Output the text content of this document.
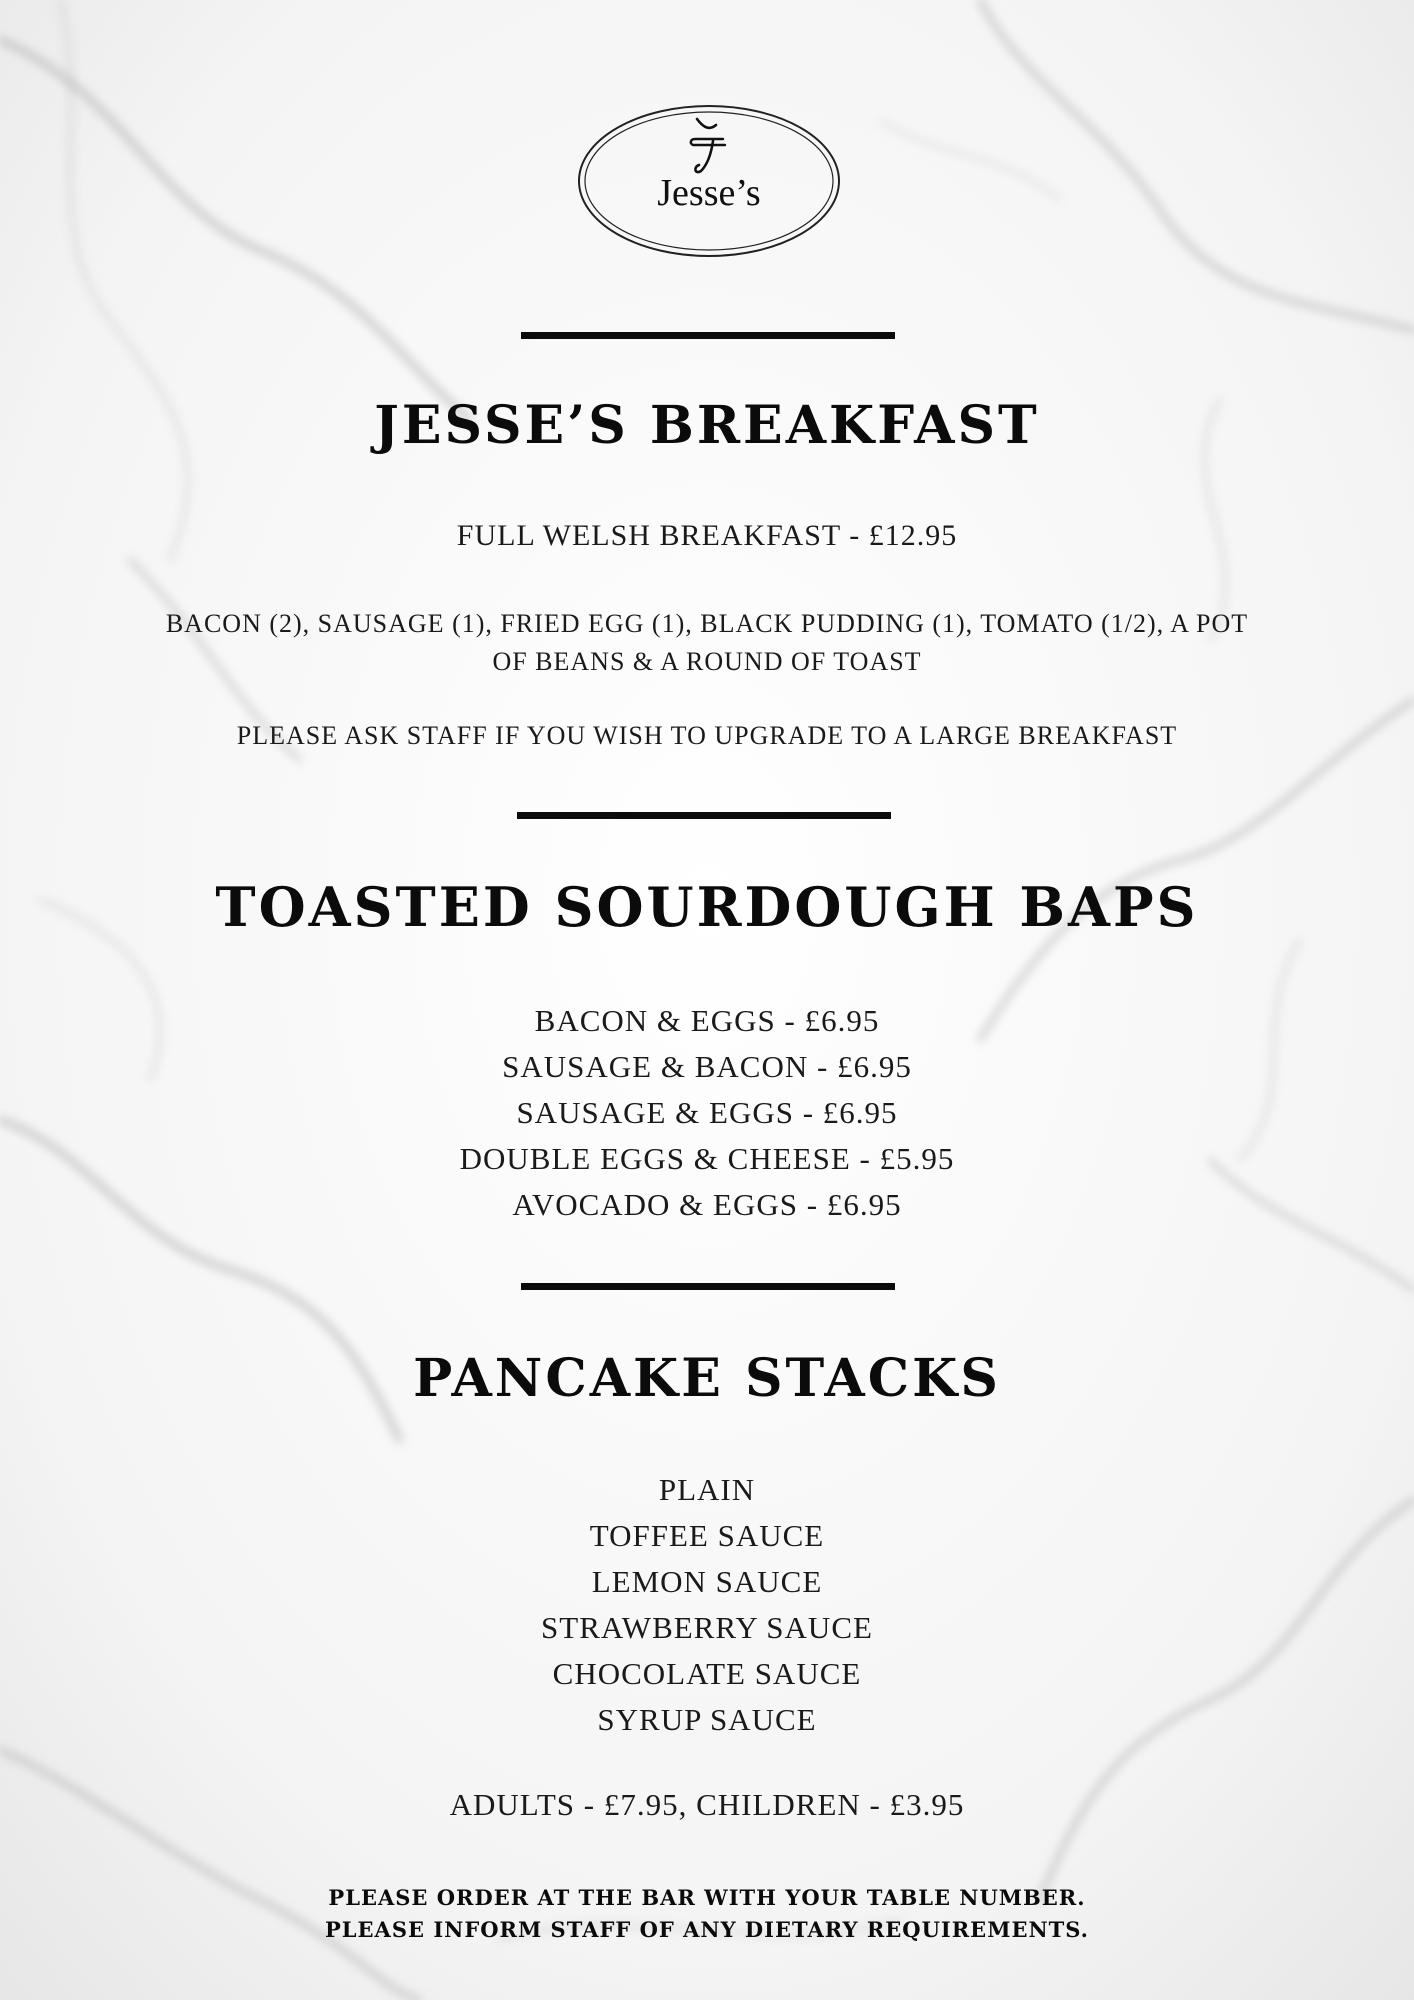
Jesse’s
JESSE’S BREAKFAST
FULL WELSH BREAKFAST - £12.95
BACON (2), SAUSAGE (1), FRIED EGG (1), BLACK PUDDING (1), TOMATO (1/2), A POT OF BEANS & A ROUND OF TOAST
PLEASE ASK STAFF IF YOU WISH TO UPGRADE TO A LARGE BREAKFAST
TOASTED SOURDOUGH BAPS
BACON & EGGS - £6.95
SAUSAGE & BACON - £6.95
SAUSAGE & EGGS - £6.95
DOUBLE EGGS & CHEESE - £5.95
AVOCADO & EGGS - £6.95
PANCAKE STACKS
PLAIN
TOFFEE SAUCE
LEMON SAUCE
STRAWBERRY SAUCE
CHOCOLATE SAUCE
SYRUP SAUCE
ADULTS - £7.95, CHILDREN - £3.95
PLEASE ORDER AT THE BAR WITH YOUR TABLE NUMBER.
PLEASE INFORM STAFF OF ANY DIETARY REQUIREMENTS.
